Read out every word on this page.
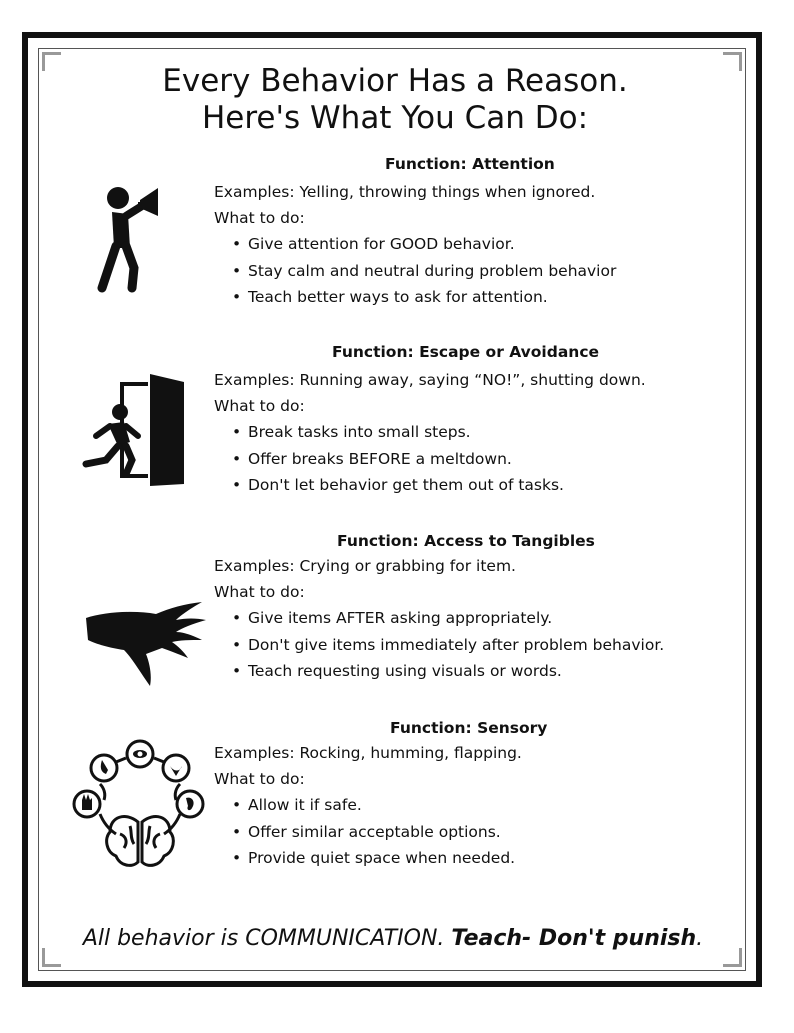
Every Behavior Has a Reason.
Here's What You Can Do:

Function: Attention

Examples: Yelling, throwing things when ignored.

What to do:

• Give attention for GOOD behavior.
• Stay calm and neutral during problem behavior
• Teach better ways to ask for attention.

Function: Escape or Avoidance

Examples: Running away, saying “NO!”, shutting down.

What to do:

• Break tasks into small steps.
• Offer breaks BEFORE a meltdown.
• Don't let behavior get them out of tasks.

Function: Access to Tangibles

Examples: Crying or grabbing for item.

What to do:

• Give items AFTER asking appropriately.
• Don't give items immediately after problem behavior.
• Teach requesting using visuals or words.

Function: Sensory

Examples: Rocking, humming, flapping.

What to do:

• Allow it if safe.
• Offer similar acceptable options.
• Provide quiet space when needed.

All behavior is COMMUNICATION. Teach- Don't punish.
